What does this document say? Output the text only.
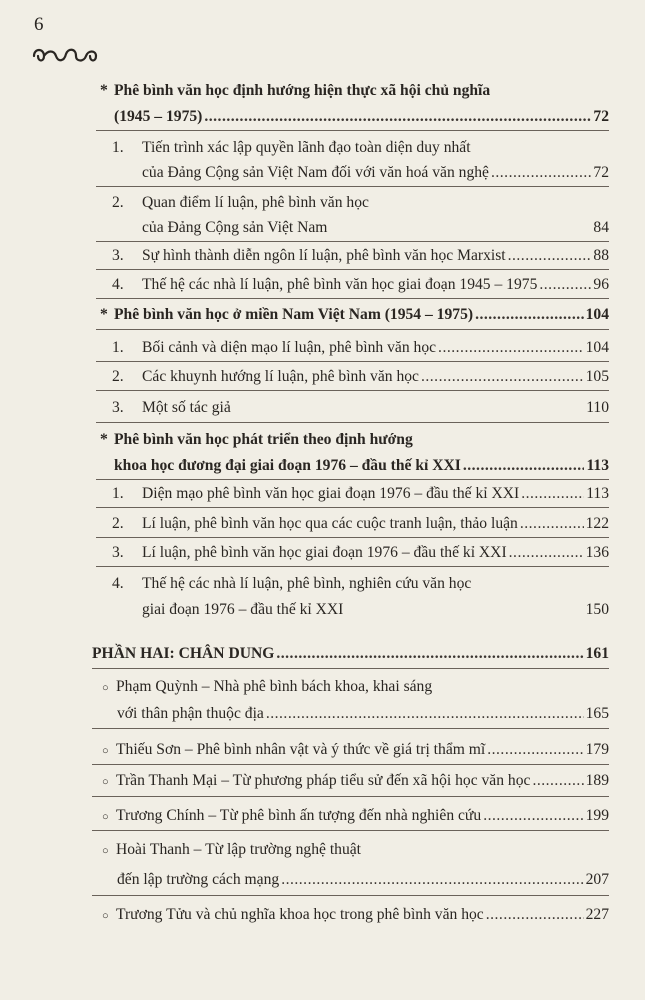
6
* Phê bình văn học định hướng hiện thực xã hội chủ nghĩa
(1945 – 1975) .....	72
1. Tiến trình xác lập quyền lãnh đạo toàn diện duy nhất
của Đảng Cộng sản Việt Nam đối với văn hoá văn nghệ .....	72
2. Quan điểm lí luận, phê bình văn học
của Đảng Cộng sản Việt Nam	84
3. Sự hình thành diễn ngôn lí luận, phê bình văn học Marxist .....	88
4. Thế hệ các nhà lí luận, phê bình văn học giai đoạn 1945 – 1975 .....	96
* Phê bình văn học ở miền Nam Việt Nam (1954 – 1975) .....	104
1. Bối cảnh và diện mạo lí luận, phê bình văn học .....	104
2. Các khuynh hướng lí luận, phê bình văn học .....	105
3. Một số tác giả	110
* Phê bình văn học phát triển theo định hướng
khoa học đương đại giai đoạn 1976 – đầu thế kỉ XXI .....	113
1. Diện mạo phê bình văn học giai đoạn 1976 – đầu thế kỉ XXI .....	113
2. Lí luận, phê bình văn học qua các cuộc tranh luận, thảo luận .....	122
3. Lí luận, phê bình văn học giai đoạn 1976 – đầu thế kỉ XXI .....	136
4. Thế hệ các nhà lí luận, phê bình, nghiên cứu văn học
giai đoạn 1976 – đầu thế kỉ XXI	150
PHẦN HAI: CHÂN DUNG .....	161
○ Phạm Quỳnh – Nhà phê bình bách khoa, khai sáng
với thân phận thuộc địa .....	165
○ Thiếu Sơn – Phê bình nhân vật và ý thức về giá trị thẩm mĩ .....	179
○ Trần Thanh Mại – Từ phương pháp tiểu sử đến xã hội học văn học .....	189
○ Trương Chính – Từ phê bình ấn tượng đến nhà nghiên cứu .....	199
○ Hoài Thanh – Từ lập trường nghệ thuật
đến lập trường cách mạng .....	207
○ Trương Tửu và chủ nghĩa khoa học trong phê bình văn học .....	227
